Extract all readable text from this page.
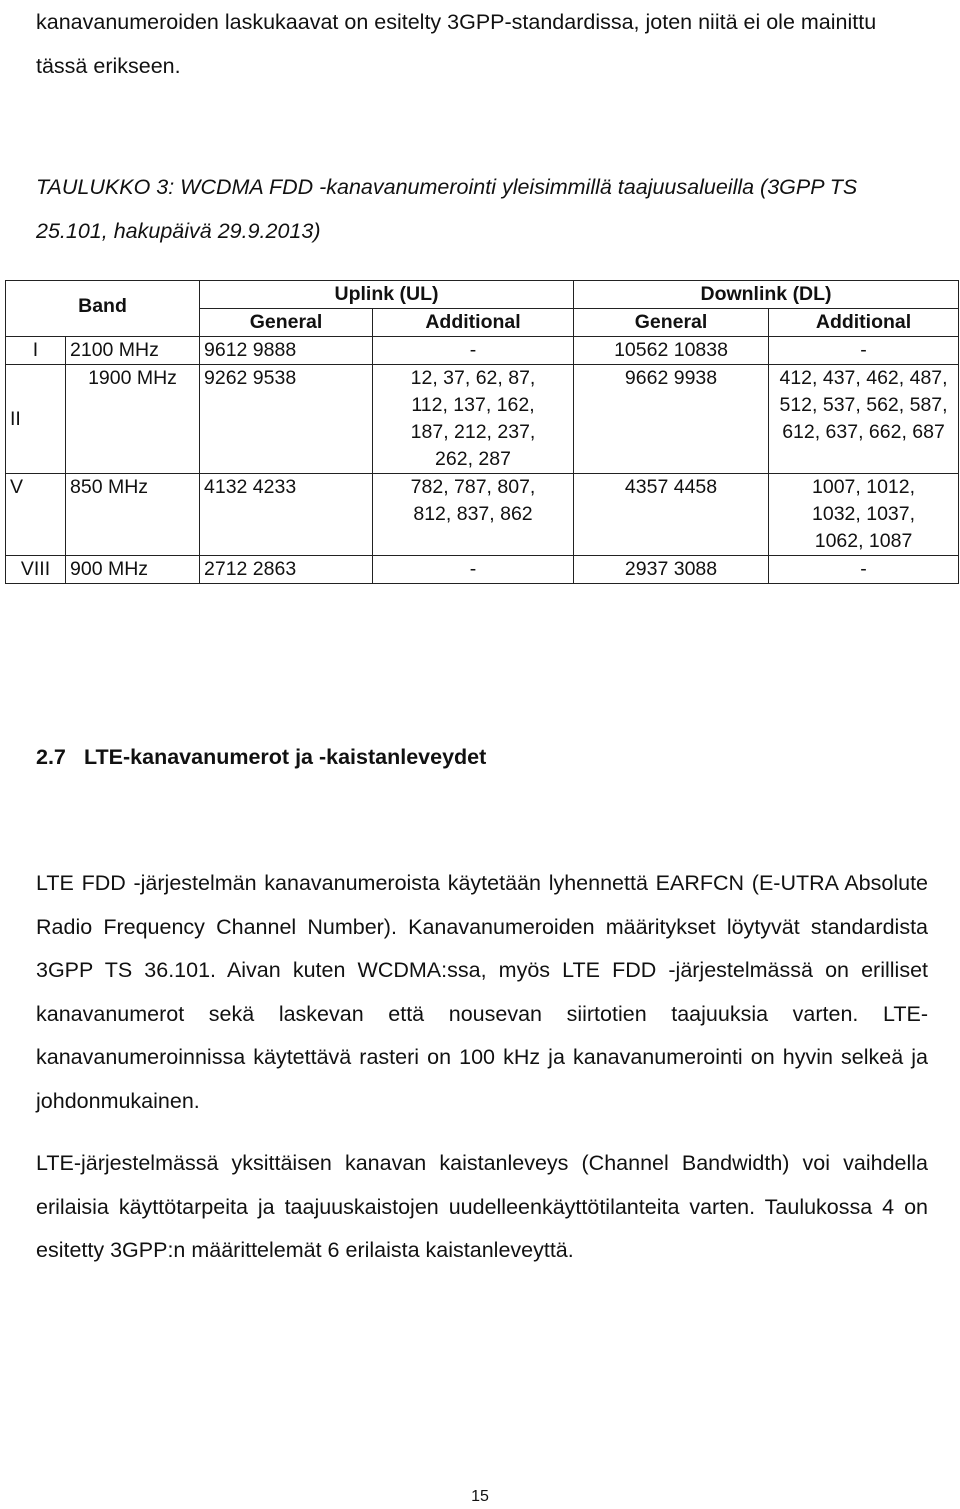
kanavanumeroiden laskukaavat on esitelty 3GPP-standardissa, joten niitä ei ole mainittu tässä erikseen.

TAULUKKO 3: WCDMA FDD -kanavanumerointi yleisimmillä taajuusalueilla (3GPP TS 25.101, hakupäivä 29.9.2013)

Band		Uplink (UL)		Downlink (DL)	
		General	Additional	General	Additional
I	2100 MHz	9612 9888	-	10562 10838	-
II	1900 MHz	9262 9538	12, 37, 62, 87, 112, 137, 162, 187, 212, 237, 262, 287	9662 9938	412, 437, 462, 487, 512, 537, 562, 587, 612, 637, 662, 687
V	850 MHz	4132 4233	782, 787, 807, 812, 837, 862	4357 4458	1007, 1012, 1032, 1037, 1062, 1087
VIII	900 MHz	2712 2863	-	2937 3088	-
2.7 LTE-kanavanumerot ja -kaistanleveydet

LTE FDD -järjestelmän kanavanumeroista käytetään lyhennettä EARFCN (E-UTRA Absolute Radio Frequency Channel Number). Kanavanumeroiden määritykset löytyvät standardista 3GPP TS 36.101. Aivan kuten WCDMA:ssa, myös LTE FDD -järjestelmässä on erilliset kanavanumerot sekä laskevan että nousevan siirtotien taajuuksia varten. LTE-kanavanumeroinnissa käytettävä rasteri on 100 kHz ja kanavanumerointi on hyvin selkeä ja johdonmukainen.

LTE-järjestelmässä yksittäisen kanavan kaistanleveys (Channel Bandwidth) voi vaihdella erilaisia käyttötarpeita ja taajuuskaistojen uudelleenkäyttötilanteita varten. Taulukossa 4 on esitetty 3GPP:n määrittelemät 6 erilaista kaistanleveyttä.

15
